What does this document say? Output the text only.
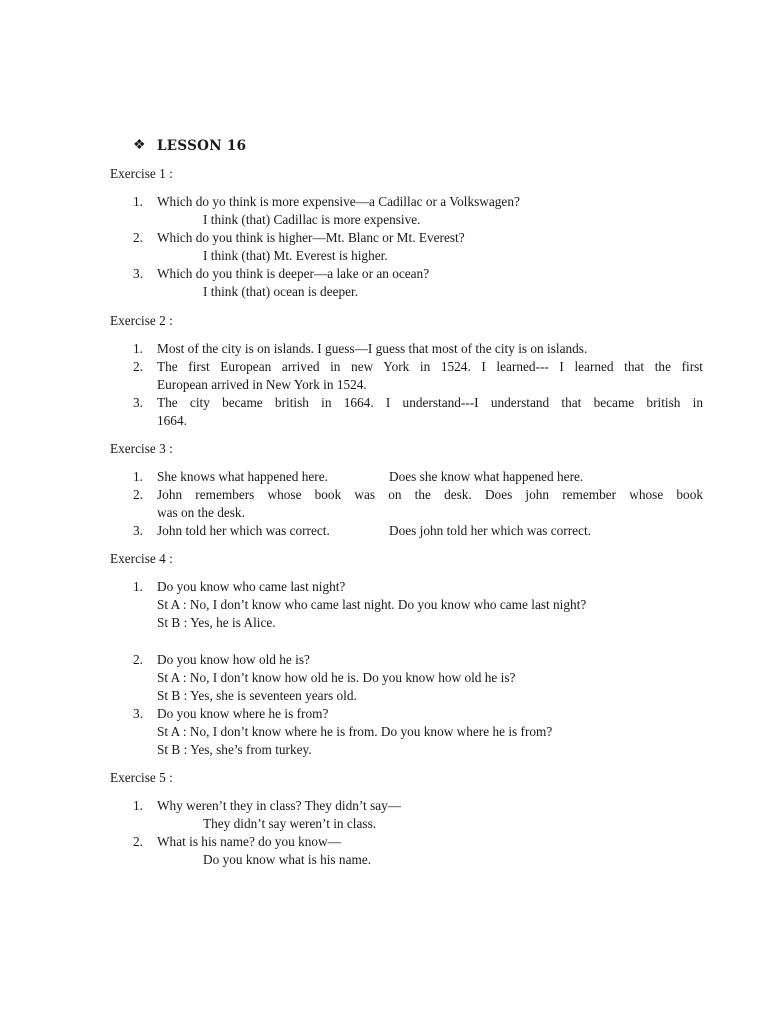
❖ LESSON 16
Exercise 1 :
1. Which do yo think is more expensive—a Cadillac or a Volkswagen?
I think (that) Cadillac is more expensive.
2. Which do you think is higher—Mt. Blanc or Mt. Everest?
I think (that) Mt. Everest is higher.
3. Which do you think is deeper—a lake or an ocean?
I think (that) ocean is deeper.
Exercise 2 :
1. Most of the city is on islands. I guess—I guess that most of the city is on islands.
2. The first European arrived in new York in 1524. I learned--- I learned that the first
European arrived in New York in 1524.
3. The city became british in 1664. I understand---I understand that became british in
1664.
Exercise 3 :
1. She knows what happened here.	Does she know what happened here.
2. John remembers whose book was on the desk. Does john remember whose book
was on the desk.
3. John told her which was correct.	Does john told her which was correct.
Exercise 4 :
1. Do you know who came last night?
St A : No, I don’t know who came last night. Do you know who came last night?
St B : Yes, he is Alice.
2. Do you know how old he is?
St A : No, I don’t know how old he is. Do you know how old he is?
St B : Yes, she is seventeen years old.
3. Do you know where he is from?
St A : No, I don’t know where he is from. Do you know where he is from?
St B : Yes, she’s from turkey.
Exercise 5 :
1. Why weren’t they in class? They didn’t say—
They didn’t say weren’t in class.
2. What is his name? do you know—
Do you know what is his name.
